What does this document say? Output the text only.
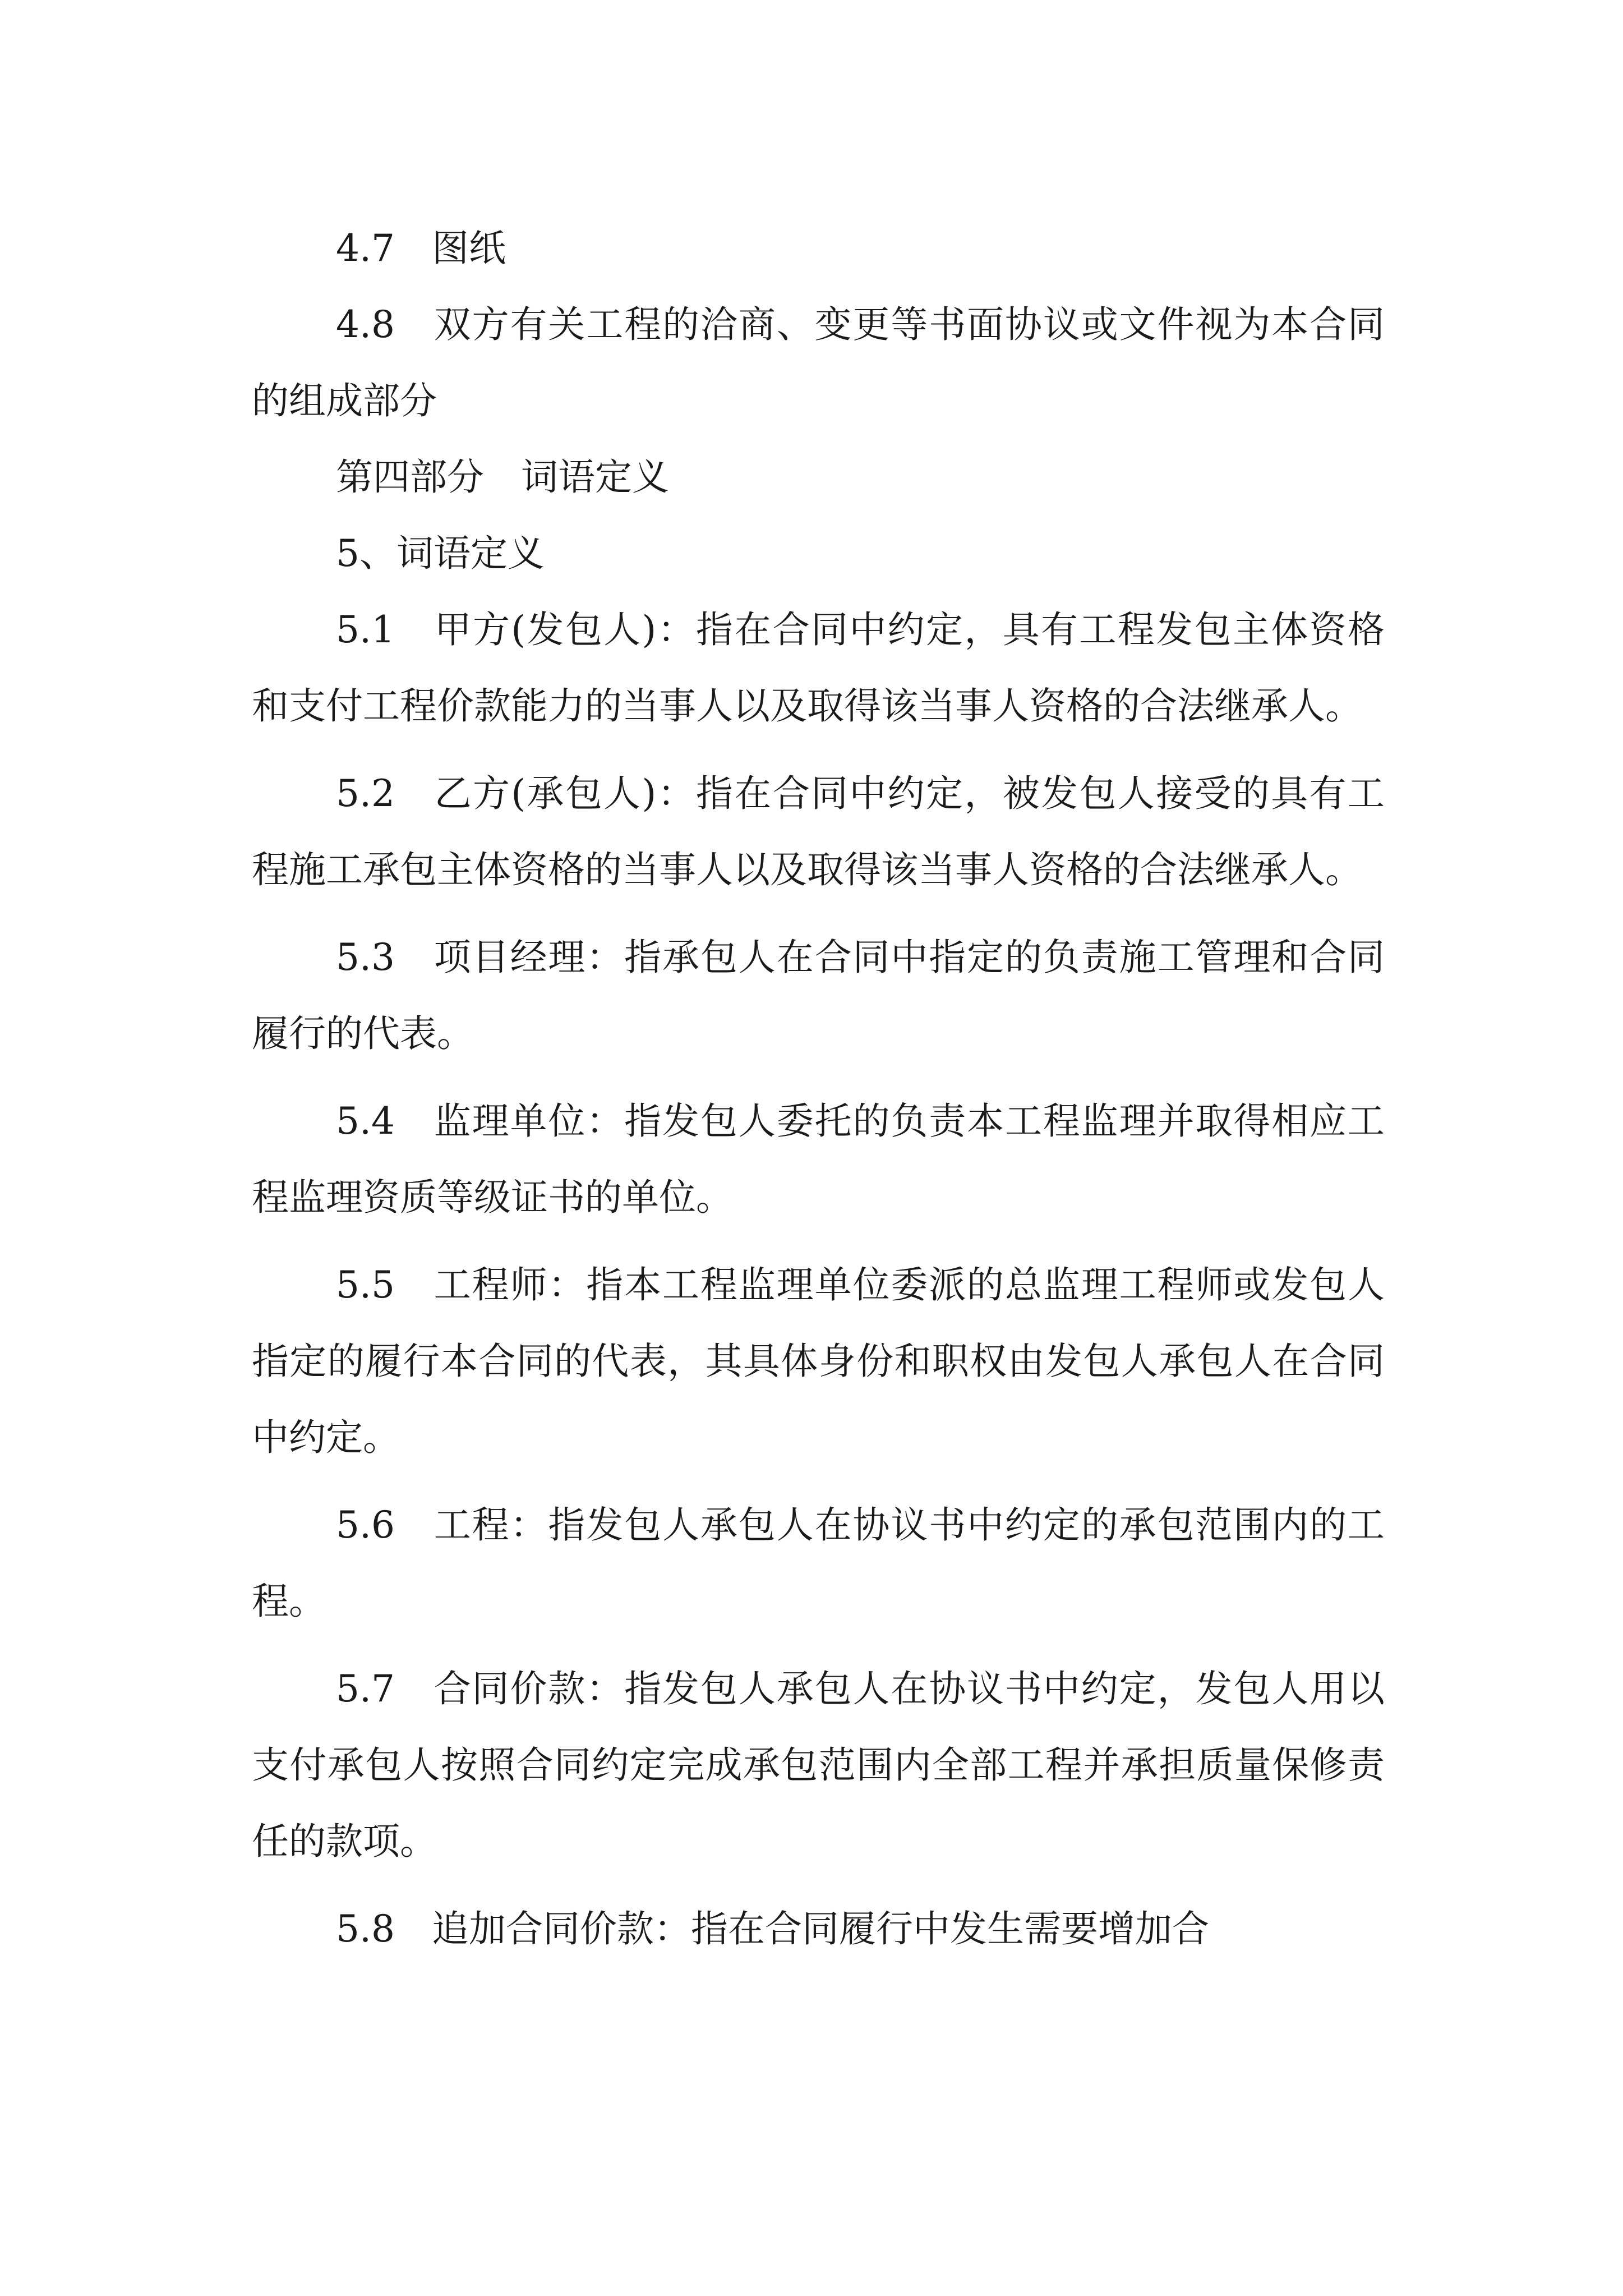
4.7　图纸

4.8　双方有关工程的洽商、变更等书面协议或文件视为本合同的组成部分

第四部分　词语定义

5、词语定义

5.1　甲方(发包人)：指在合同中约定，具有工程发包主体资格和支付工程价款能力的当事人以及取得该当事人资格的合法继承人。

5.2　乙方(承包人)：指在合同中约定，被发包人接受的具有工程施工承包主体资格的当事人以及取得该当事人资格的合法继承人。

5.3　项目经理：指承包人在合同中指定的负责施工管理和合同履行的代表。

5.4　监理单位：指发包人委托的负责本工程监理并取得相应工程监理资质等级证书的单位。

5.5　工程师：指本工程监理单位委派的总监理工程师或发包人指定的履行本合同的代表，其具体身份和职权由发包人承包人在合同中约定。

5.6　工程：指发包人承包人在协议书中约定的承包范围内的工程。

5.7　合同价款：指发包人承包人在协议书中约定，发包人用以支付承包人按照合同约定完成承包范围内全部工程并承担质量保修责任的款项。

5.8　追加合同价款：指在合同履行中发生需要增加合
